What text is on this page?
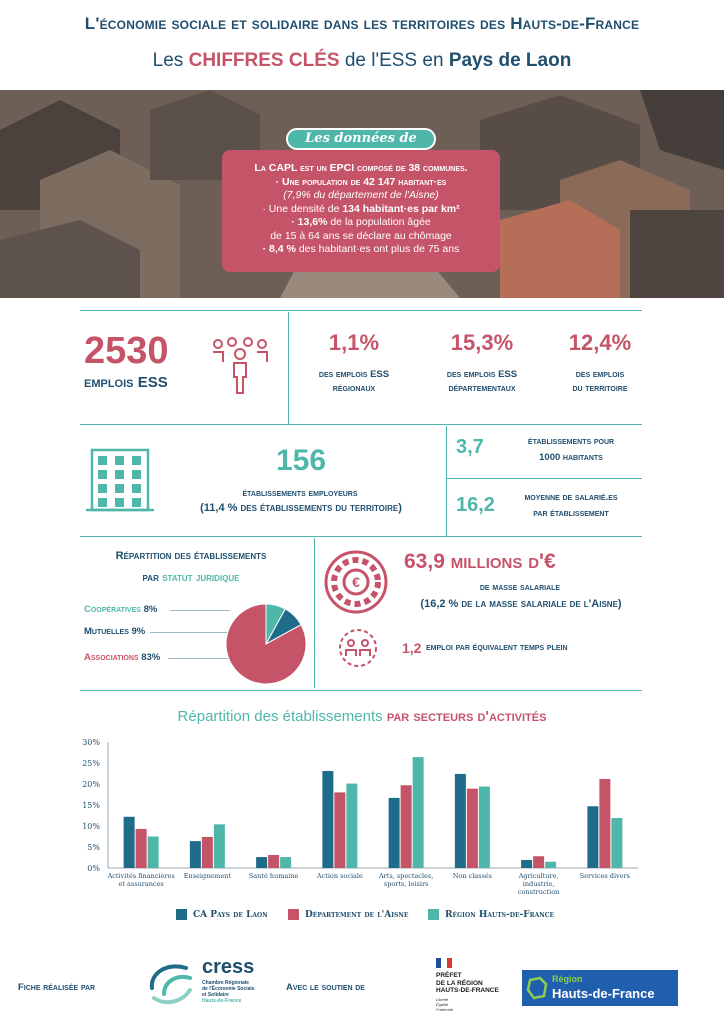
L'économie sociale et solidaire dans les territoires des Hauts-de-France
Les CHIFFRES CLÉS de l'ESS en Pays de Laon
Les données de
La CAPL est un EPCI composé de 38 communes.
· Une population de 42 147 habitant·es
(7,9% du département de l'Aisne)
· Une densité de 134 habitant·es par km²
· 13,6% de la population âgée
de 15 à 64 ans se déclare au chômage
· 8,4 % des habitant·es ont plus de 75 ans
2530
emplois ESS
1,1%
des emplois ESS
régionaux
15,3%
des emplois ESS
départementaux
12,4%
des emplois
du territoire
156
établissements employeurs
(11,4 % des établissements du territoire)
3,7	établissements pour
1000 habitants
16,2	moyenne de salarié.es
par établissement
Répartition des établissements
par statut juridique
Coopératives 8%
Mutuelles 9%
Associations 83%
€
63,9 millions d'€
de masse salariale
(16,2 % de la masse salariale de l'Aisne)
1,2 emploi par équivalent temps plein
Répartition des établissements par secteurs d'activités
0%
5%
10%
15%
20%
25%
30%
Activités financières
et assurances
Enseignement	Santé humaine	Action sociale Arts, spectacles,
sports, loisirs
Non classés	Agriculture,
industrie,
construction
Services divers
CA Pays de Laon	Département de l'Aisne	Région Hauts-de-France
Fiche réalisée par
cress
Chambre Régionale
de l'Économie Sociale
et Solidaire
Hauts-de-France
Avec le soutien de
PRÉFET
DE LA RÉGION
HAUTS-DE-FRANCE
Liberté
Égalité
Fraternité
Région
Hauts-de-France
